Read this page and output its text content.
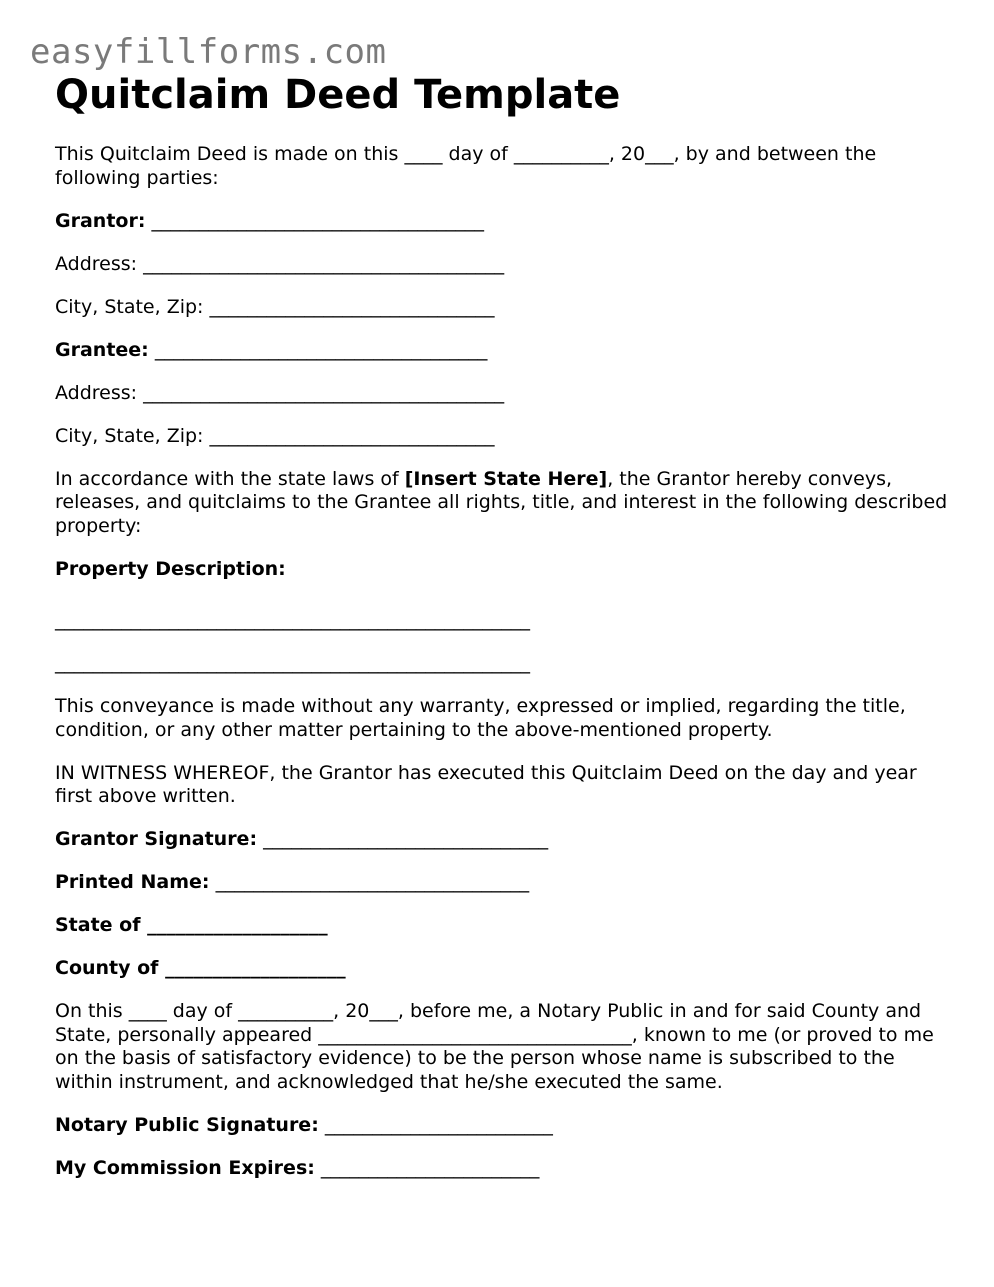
easyfillforms.com
Quitclaim Deed Template

This Quitclaim Deed is made on this ____ day of __________, 20___, by and between the following parties:

Grantor: ___________________________________

Address: ______________________________________

City, State, Zip: ______________________________

Grantee: ___________________________________

Address: ______________________________________

City, State, Zip: ______________________________

In accordance with the state laws of [Insert State Here], the Grantor hereby conveys, releases, and quitclaims to the Grantee all rights, title, and interest in the following described property:

Property Description:

__________________________________________________

__________________________________________________

This conveyance is made without any warranty, expressed or implied, regarding the title, condition, or any other matter pertaining to the above-mentioned property.

IN WITNESS WHEREOF, the Grantor has executed this Quitclaim Deed on the day and year first above written.

Grantor Signature: ______________________________

Printed Name: _________________________________

State of ___________________

County of ___________________

On this ____ day of __________, 20___, before me, a Notary Public in and for said County and State, personally appeared _________________________________, known to me (or proved to me on the basis of satisfactory evidence) to be the person whose name is subscribed to the within instrument, and acknowledged that he/she executed the same.

Notary Public Signature: ________________________

My Commission Expires: _______________________
